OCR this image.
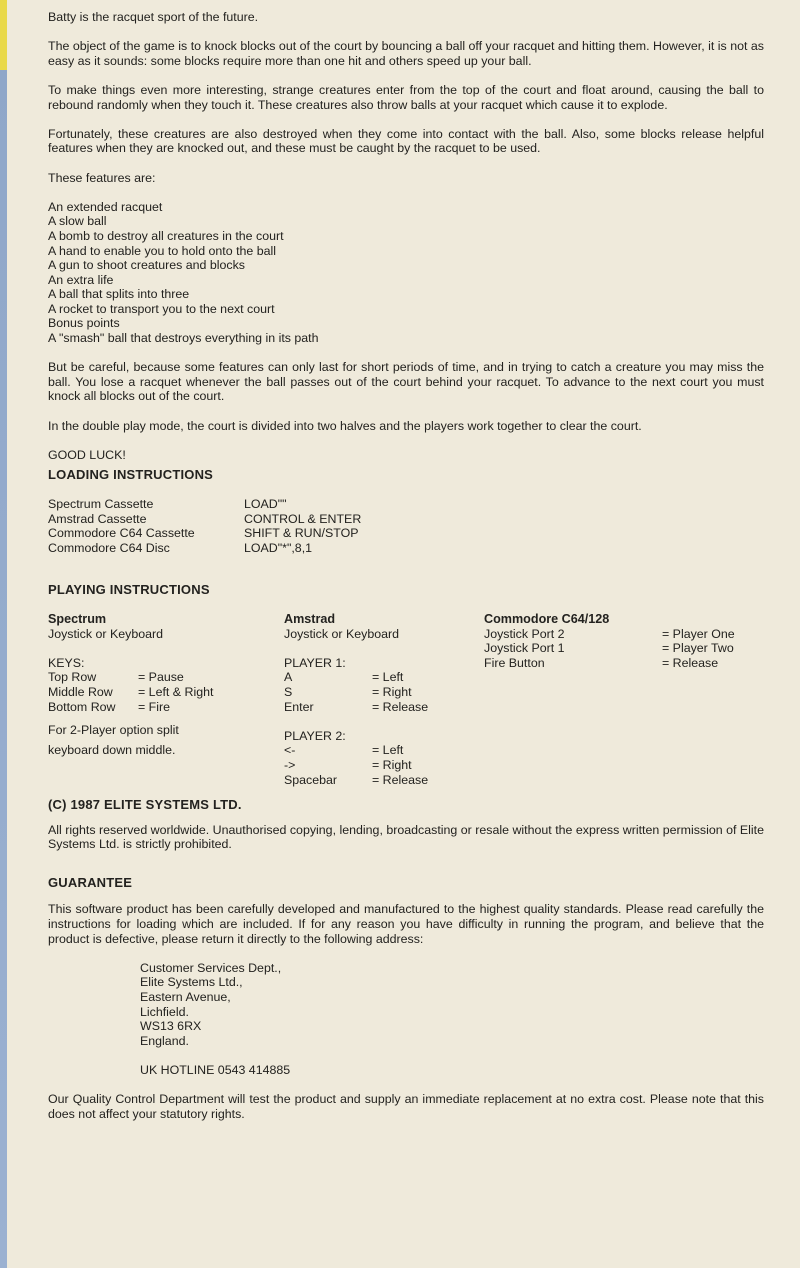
Batty is the racquet sport of the future.

The object of the game is to knock blocks out of the court by bouncing a ball off your racquet and hitting them. However, it is not as easy as it sounds: some blocks require more than one hit and others speed up your ball.

To make things even more interesting, strange creatures enter from the top of the court and float around, causing the ball to rebound randomly when they touch it. These creatures also throw balls at your racquet which cause it to explode.

Fortunately, these creatures are also destroyed when they come into contact with the ball. Also, some blocks release helpful features when they are knocked out, and these must be caught by the racquet to be used.

These features are:

An extended racquet
A slow ball
A bomb to destroy all creatures in the court
A hand to enable you to hold onto the ball
A gun to shoot creatures and blocks
An extra life
A ball that splits into three
A rocket to transport you to the next court
Bonus points
A "smash" ball that destroys everything in its path

But be careful, because some features can only last for short periods of time, and in trying to catch a creature you may miss the ball. You lose a racquet whenever the ball passes out of the court behind your racquet. To advance to the next court you must knock all blocks out of the court.

In the double play mode, the court is divided into two halves and the players work together to clear the court.

GOOD LUCK!

LOADING INSTRUCTIONS
Spectrum Cassette	LOAD""
Amstrad Cassette	CONTROL & ENTER
Commodore C64 Cassette	SHIFT & RUN/STOP
Commodore C64 Disc	LOAD"*",8,1
PLAYING INSTRUCTIONS
Spectrum
Joystick or Keyboard
KEYS:
Top Row	= Pause
Middle Row = Left & Right
Bottom Row = Fire
For 2-Player option split keyboard down middle.
Amstrad
Joystick or Keyboard
PLAYER 1:
A	= Left
S	= Right
Enter	= Release
PLAYER 2:
<-	= Left
->	= Right
Spacebar	= Release
Commodore C64/128
Joystick Port 2	= Player One
Joystick Port 1	= Player Two
Fire Button	= Release
(C) 1987 ELITE SYSTEMS LTD.

All rights reserved worldwide. Unauthorised copying, lending, broadcasting or resale without the express written permission of Elite Systems Ltd. is strictly prohibited.

GUARANTEE

This software product has been carefully developed and manufactured to the highest quality standards. Please read carefully the instructions for loading which are included. If for any reason you have difficulty in running the program, and believe that the product is defective, please return it directly to the following address:

Customer Services Dept.,
Elite Systems Ltd.,
Eastern Avenue,
Lichfield.
WS13 6RX
England.
UK HOTLINE 0543 414885

Our Quality Control Department will test the product and supply an immediate replacement at no extra cost. Please note that this does not affect your statutory rights.
